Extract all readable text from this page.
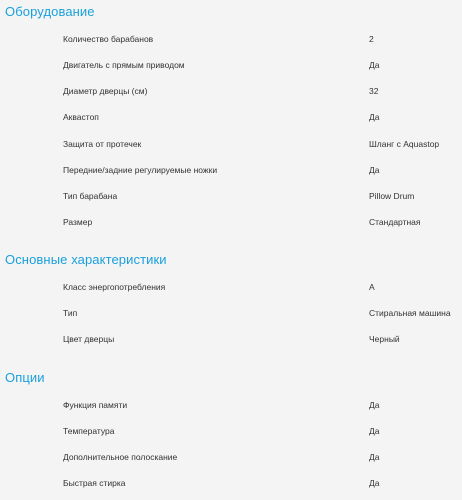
Оборудование
Количество барабанов	2
Двигатель с прямым приводом	Да
Диаметр дверцы (см)	32
Аквастоп	Да
Защита от протечек	Шланг с Aquastop
Передние/задние регулируемые ножки	Да
Тип барабана	Pillow Drum
Размер	Стандартная
Основные характеристики
Класс энергопотребления	A
Тип	Стиральная машина
Цвет дверцы	Черный
Опции
Функция памяти	Да
Температура	Да
Дополнительное полоскание	Да
Быстрая стирка	Да
